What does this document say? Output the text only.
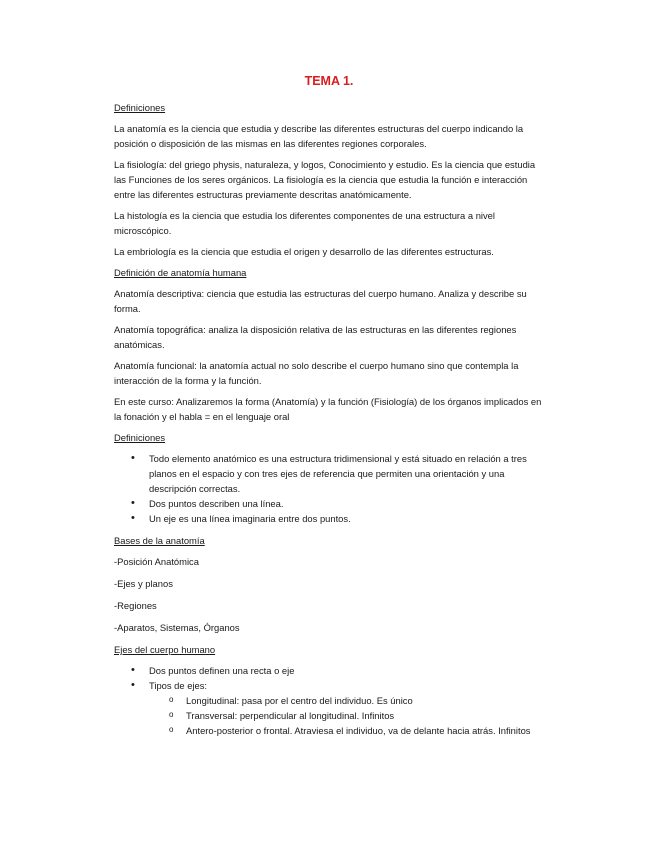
TEMA 1.
Definiciones

La anatomía es la ciencia que estudia y describe las diferentes estructuras del cuerpo indicando la posición o disposición de las mismas en las diferentes regiones corporales.

La fisiología: del griego physis, naturaleza, y logos, Conocimiento y estudio. Es la ciencia que estudia las Funciones de los seres orgánicos. La fisiología es la ciencia que estudia la función e interacción entre las diferentes estructuras previamente descritas anatómicamente.

La histología es la ciencia que estudia los diferentes componentes de una estructura a nivel microscópico.

La embriología es la ciencia que estudia el origen y desarrollo de las diferentes estructuras.

Definición de anatomía humana

Anatomía descriptiva: ciencia que estudia las estructuras del cuerpo humano. Analiza y describe su forma.

Anatomía topográfica: analiza la disposición relativa de las estructuras en las diferentes regiones anatómicas.

Anatomía funcional: la anatomía actual no solo describe el cuerpo humano sino que contempla la interacción de la forma y la función.

En este curso: Analizaremos la forma (Anatomía) y la función (Fisiología) de los órganos implicados en la fonación y el habla = en el lenguaje oral

Definiciones
• Todo elemento anatómico es una estructura tridimensional y está situado en relación a tres planos en el espacio y con tres ejes de referencia que permiten una orientación y una descripción correctas.
• Dos puntos describen una línea.
• Un eje es una línea imaginaria entre dos puntos.
Bases de la anatomía
-Posición Anatómica
-Ejes y planos
-Regiones
-Aparatos, Sistemas, Órganos
Ejes del cuerpo humano
• Dos puntos definen una recta o eje
• Tipos de ejes:
o Longitudinal: pasa por el centro del individuo. Es único
o Transversal: perpendicular al longitudinal. Infinitos
o Antero-posterior o frontal. Atraviesa el individuo, va de delante hacia atrás. Infinitos
